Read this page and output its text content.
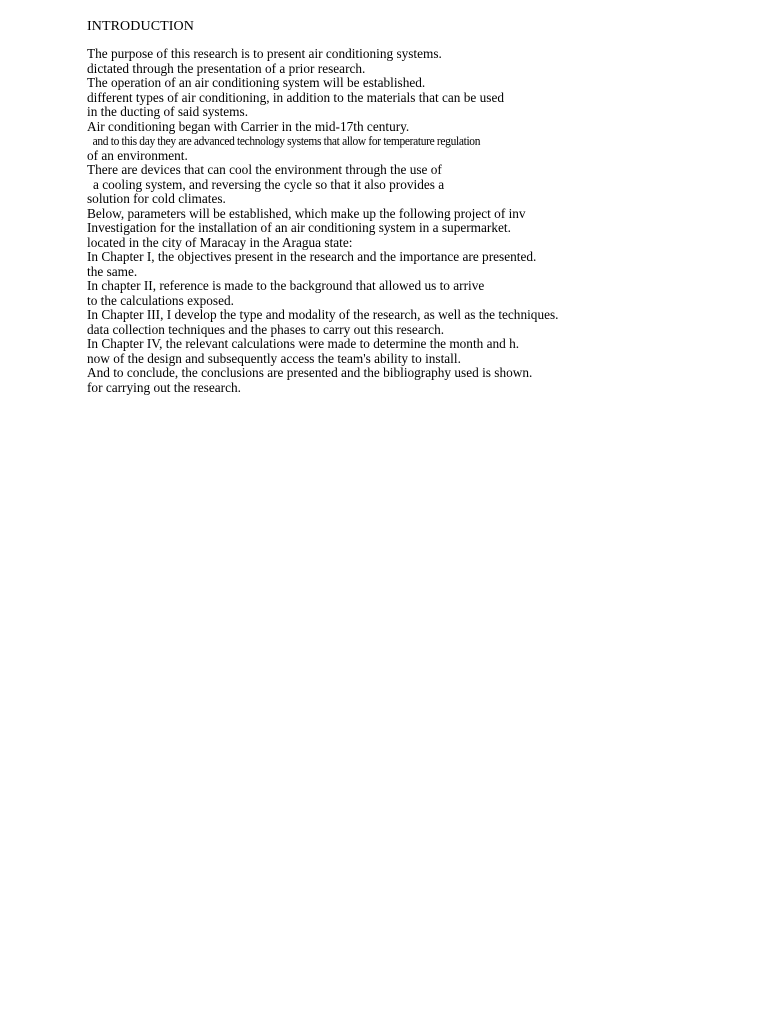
INTRODUCTION
The purpose of this research is to present air conditioning systems.
dictated through the presentation of a prior research.
The operation of an air conditioning system will be established.
different types of air conditioning, in addition to the materials that can be used
in the ducting of said systems.
Air conditioning began with Carrier in the mid-17th century.
and to this day they are advanced technology systems that allow for temperature regulation
of an environment.
There are devices that can cool the environment through the use of
a cooling system, and reversing the cycle so that it also provides a
solution for cold climates.
Below, parameters will be established, which make up the following project of inv
Investigation for the installation of an air conditioning system in a supermarket.
located in the city of Maracay in the Aragua state:
In Chapter I, the objectives present in the research and the importance are presented.
the same.
In chapter II, reference is made to the background that allowed us to arrive
to the calculations exposed.
In Chapter III, I develop the type and modality of the research, as well as the techniques.
data collection techniques and the phases to carry out this research.
In Chapter IV, the relevant calculations were made to determine the month and h.
now of the design and subsequently access the team's ability to install.
And to conclude, the conclusions are presented and the bibliography used is shown.
for carrying out the research.
